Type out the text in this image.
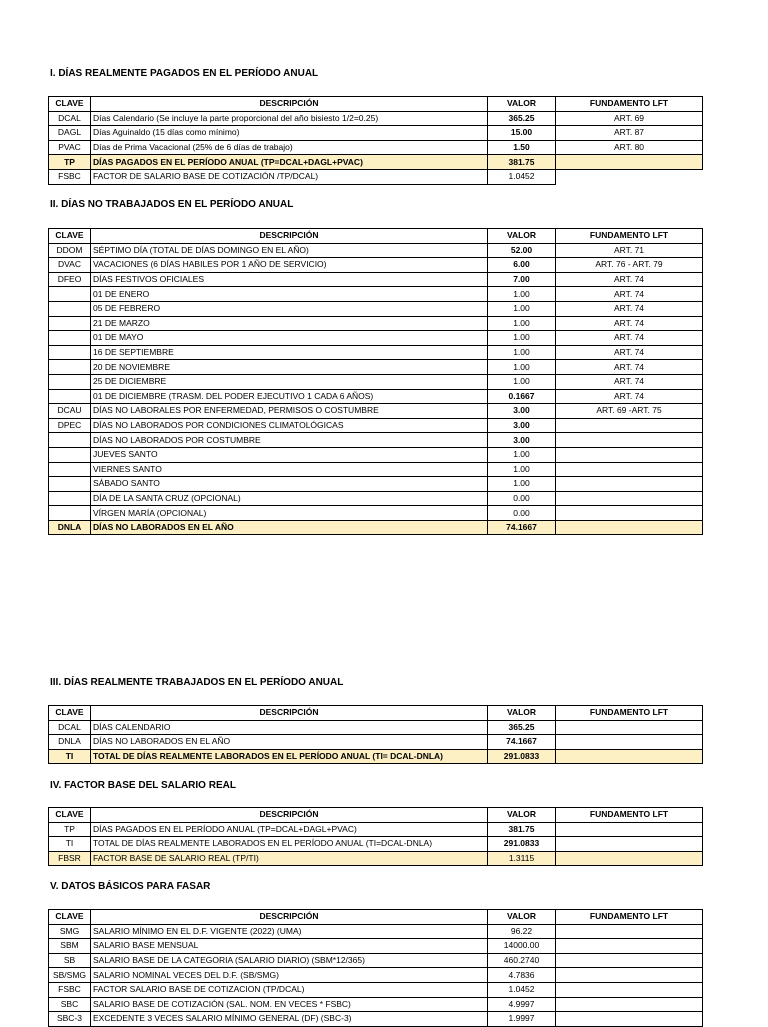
I. DÍAS REALMENTE PAGADOS EN EL PERÍODO ANUAL
CLAVE	DESCRIPCIÓN	VALOR	FUNDAMENTO LFT
DCAL	Días Calendario (Se incluye la parte proporcional del año bisiesto 1/2=0.25)	365.25	ART. 69
DAGL	Días Aguinaldo (15 días como mínimo)	15.00	ART. 87
PVAC	Días de Prima Vacacional (25% de 6 días de trabajo)	1.50	ART. 80
TP	DÍAS PAGADOS EN EL PERÍODO ANUAL (TP=DCAL+DAGL+PVAC)	381.75	
FSBC	FACTOR DE SALARIO BASE DE COTIZACIÓN /TP/DCAL)	1.0452	
II. DÍAS NO TRABAJADOS EN EL PERÍODO ANUAL
CLAVE	DESCRIPCIÓN	VALOR	FUNDAMENTO LFT
DDOM	SÉPTIMO DÍA (TOTAL DE DÍAS DOMINGO EN EL AÑO)	52.00	ART. 71
DVAC	VACACIONES (6 DÍAS HABILES POR 1 AÑO DE SERVICIO)	6.00	ART. 76 - ART. 79
DFEO	DÍAS FESTIVOS OFICIALES	7.00	ART. 74
	01 DE ENERO	1.00	ART. 74
	05 DE FEBRERO	1.00	ART. 74
	21 DE MARZO	1.00	ART. 74
	01 DE MAYO	1.00	ART. 74
	16 DE SEPTIEMBRE	1.00	ART. 74
	20 DE NOVIEMBRE	1.00	ART. 74
	25 DE DICIEMBRE	1.00	ART. 74
	01 DE DICIEMBRE (TRASM. DEL PODER EJECUTIVO 1 CADA 6 AÑOS)	0.1667	ART. 74
DCAU	DÍAS NO LABORALES POR ENFERMEDAD, PERMISOS O COSTUMBRE	3.00	ART. 69 -ART. 75
DPEC	DÍAS NO LABORADOS POR CONDICIONES CLIMATOLÓGICAS	3.00	
	DÍAS NO LABORADOS POR COSTUMBRE	3.00	
	JUEVES SANTO	1.00	
	VIERNES SANTO	1.00	
	SÁBADO SANTO	1.00	
	DÍA DE LA SANTA CRUZ (OPCIONAL)	0.00	
	VÍRGEN MARÍA (OPCIONAL)	0.00	
DNLA	DÍAS NO LABORADOS EN EL AÑO	74.1667	
III. DÍAS REALMENTE TRABAJADOS EN EL PERÍODO ANUAL
CLAVE	DESCRIPCIÓN	VALOR	FUNDAMENTO LFT
DCAL	DÍAS CALENDARIO	365.25	
DNLA	DÍAS NO LABORADOS EN EL AÑO	74.1667	
TI	TOTAL DE DÍAS REALMENTE LABORADOS EN EL PERÍODO ANUAL (TI= DCAL-DNLA)	291.0833	
IV. FACTOR BASE DEL SALARIO REAL
CLAVE	DESCRIPCIÓN	VALOR	FUNDAMENTO LFT
TP	DÍAS PAGADOS EN EL PERÍODO ANUAL (TP=DCAL+DAGL+PVAC)	381.75	
TI	TOTAL DE DÍAS REALMENTE LABORADOS EN EL PERÍODO ANUAL (TI=DCAL-DNLA)	291.0833	
FBSR	FACTOR BASE DE SALARIO REAL (TP/TI)	1.3115	
V. DATOS BÁSICOS PARA FASAR
CLAVE	DESCRIPCIÓN	VALOR	FUNDAMENTO LFT
SMG	SALARIO MÍNIMO EN EL D.F. VIGENTE (2022) (UMA)	96.22	
SBM	SALARIO BASE MENSUAL	14000.00	
SB	SALARIO BASE DE LA CATEGORIA (SALARIO DIARIO) (SBM*12/365)	460.2740	
SB/SMG	SALARIO NOMINAL VECES DEL D.F. (SB/SMG)	4.7836	
FSBC	FACTOR SALARIO BASE DE COTIZACION (TP/DCAL)	1.0452	
SBC	SALARIO BASE DE COTIZACIÓN (SAL. NOM. EN VECES * FSBC)	4.9997	
SBC-3	EXCEDENTE 3 VECES SALARIO MÍNIMO GENERAL (DF) (SBC-3)	1.9997	
